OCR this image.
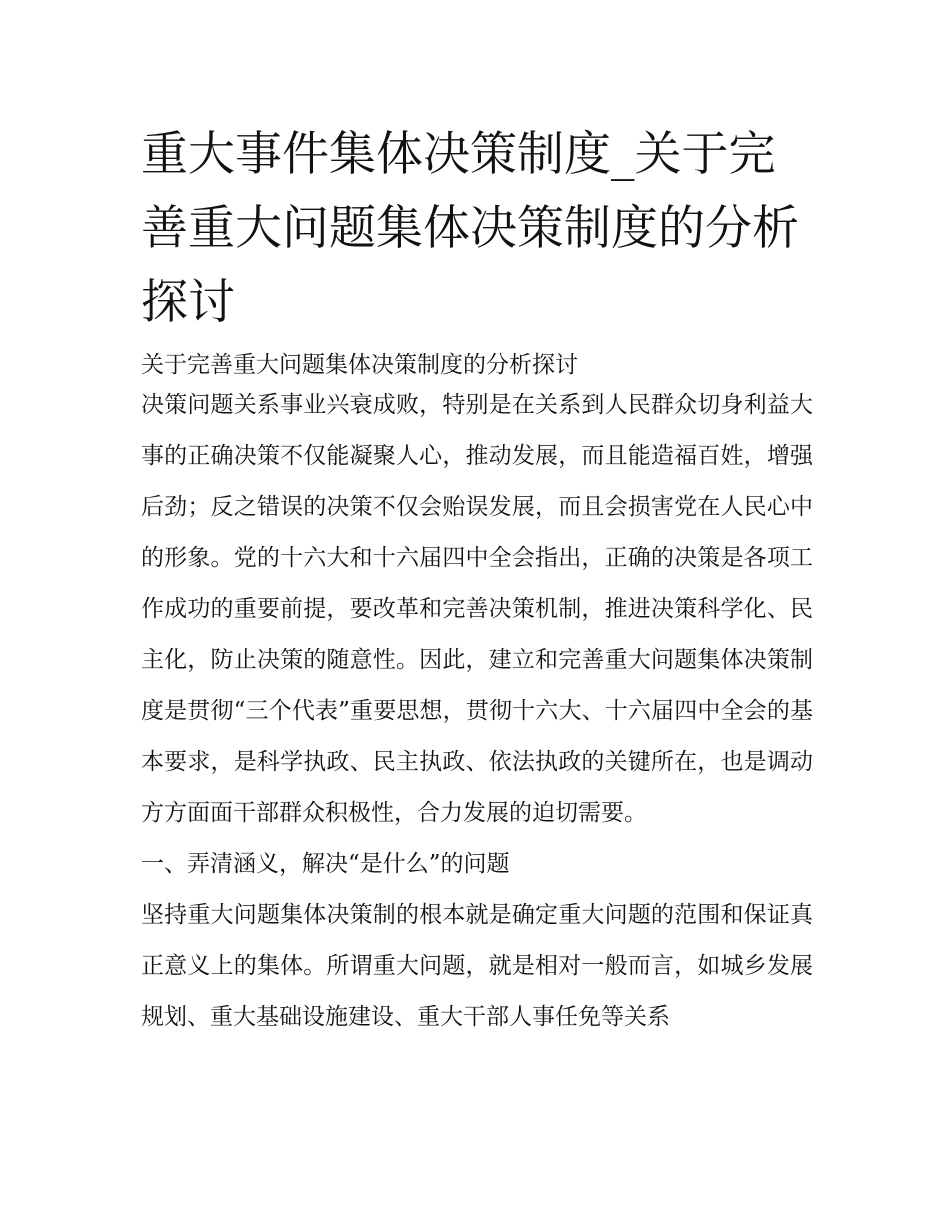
重大事件集体决策制度_关于完善重大问题集体决策制度的分析探讨

关于完善重大问题集体决策制度的分析探讨

决策问题关系事业兴衰成败，特别是在关系到人民群众切身利益大事的正确决策不仅能凝聚人心，推动发展，而且能造福百姓，增强后劲；反之错误的决策不仅会贻误发展，而且会损害党在人民心中的形象。党的十六大和十六届四中全会指出，正确的决策是各项工作成功的重要前提，要改革和完善决策机制，推进决策科学化、民主化，防止决策的随意性。因此，建立和完善重大问题集体决策制度是贯彻“三个代表”重要思想，贯彻十六大、十六届四中全会的基本要求，是科学执政、民主执政、依法执政的关键所在，也是调动方方面面干部群众积极性，合力发展的迫切需要。

一、弄清涵义，解决“是什么”的问题

坚持重大问题集体决策制的根本就是确定重大问题的范围和保证真正意义上的集体。所谓重大问题，就是相对一般而言，如城乡发展规划、重大基础设施建设、重大干部人事任免等关系
